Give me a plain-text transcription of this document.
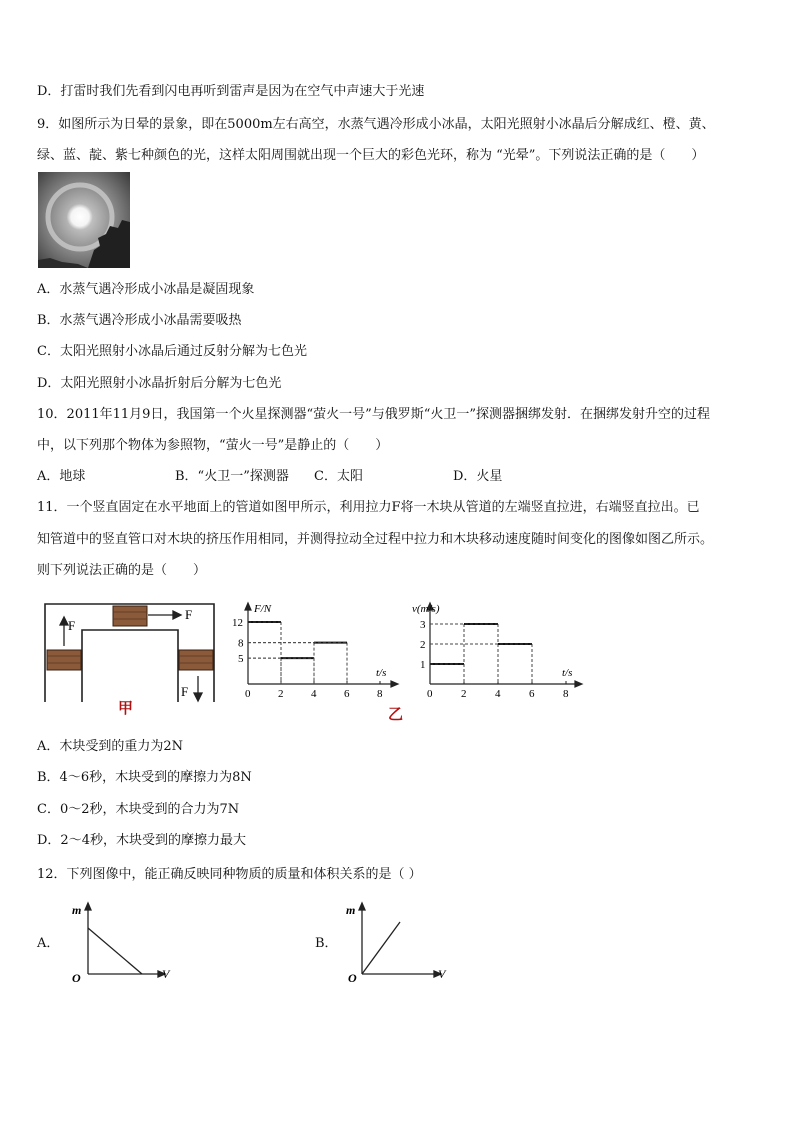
D．打雷时我们先看到闪电再听到雷声是因为在空气中声速大于光速
9．如图所示为日晕的景象，即在5000m左右高空，水蒸气遇冷形成小冰晶，太阳光照射小冰晶后分解成红、橙、黄、
绿、蓝、靛、紫七种颜色的光，这样太阳周围就出现一个巨大的彩色光环，称为 “光晕”。下列说法正确的是（　　）
A．水蒸气遇冷形成小冰晶是凝固现象
B．水蒸气遇冷形成小冰晶需要吸热
C．太阳光照射小冰晶后通过反射分解为七色光
D．太阳光照射小冰晶折射后分解为七色光
10．2011年11月9日，我国第一个火星探测器“萤火一号”与俄罗斯“火卫一”探测器捆绑发射．在捆绑发射升空的过程
中，以下列那个物体为参照物，“萤火一号”是静止的（　　）
A．地球	B．“火卫一”探测器 C．太阳	D．火星
11．一个竖直固定在水平地面上的管道如图甲所示，利用拉力F将一木块从管道的左端竖直拉进，右端竖直拉出。已
知管道中的竖直管口对木块的挤压作用相同，并测得拉动全过程中拉力和木块移动速度随时间变化的图像如图乙所示。
则下列说法正确的是（　　）
F
F
F
甲	乙
F/N
t/s
0	2	4	6	8
12
8
5
v(m/s)
t/s
0	2	4	6	8
3
2
1
A．木块受到的重力为2N
B．4～6秒，木块受到的摩擦力为8N
C．0～2秒，木块受到的合力为7N
D．2～4秒，木块受到的摩擦力最大
12．下列图像中，能正确反映同种物质的质量和体积关系的是（ ）
A．
m
O	V
B．
m
O	V
